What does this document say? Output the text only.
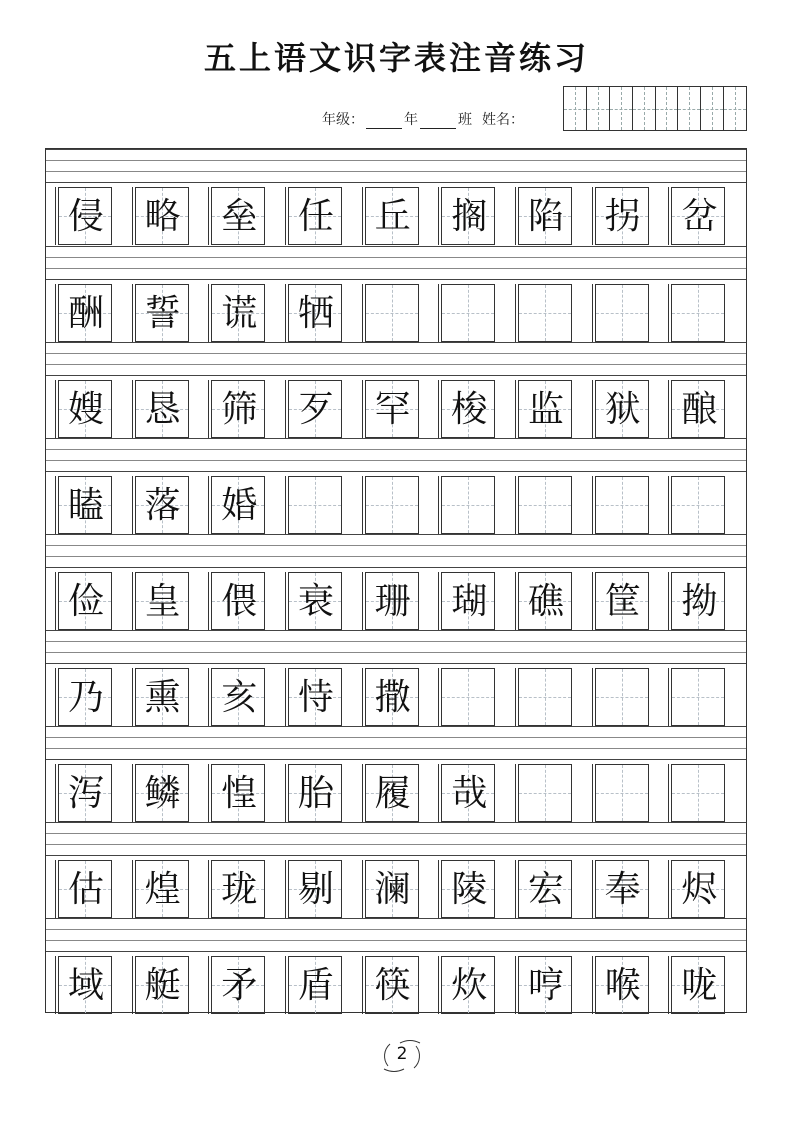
五上语文识字表注音练习
年级：	年	班 姓名：
侵 略 垒 任 丘 搁 陷 拐 岔
酬 誓 谎 牺
嫂 恳 筛 歹 罕 梭 监 狱 酿
瞌 落 婚
俭 皇 偎 衰 珊 瑚 礁 筐 拗
乃 熏 亥 恃 撒
泻 鳞 惶 胎 履 哉
估 煌 珑 剔 澜 陵 宏 奉 烬
域 艇 矛 盾 筷 炊 哼 喉 咙
2
